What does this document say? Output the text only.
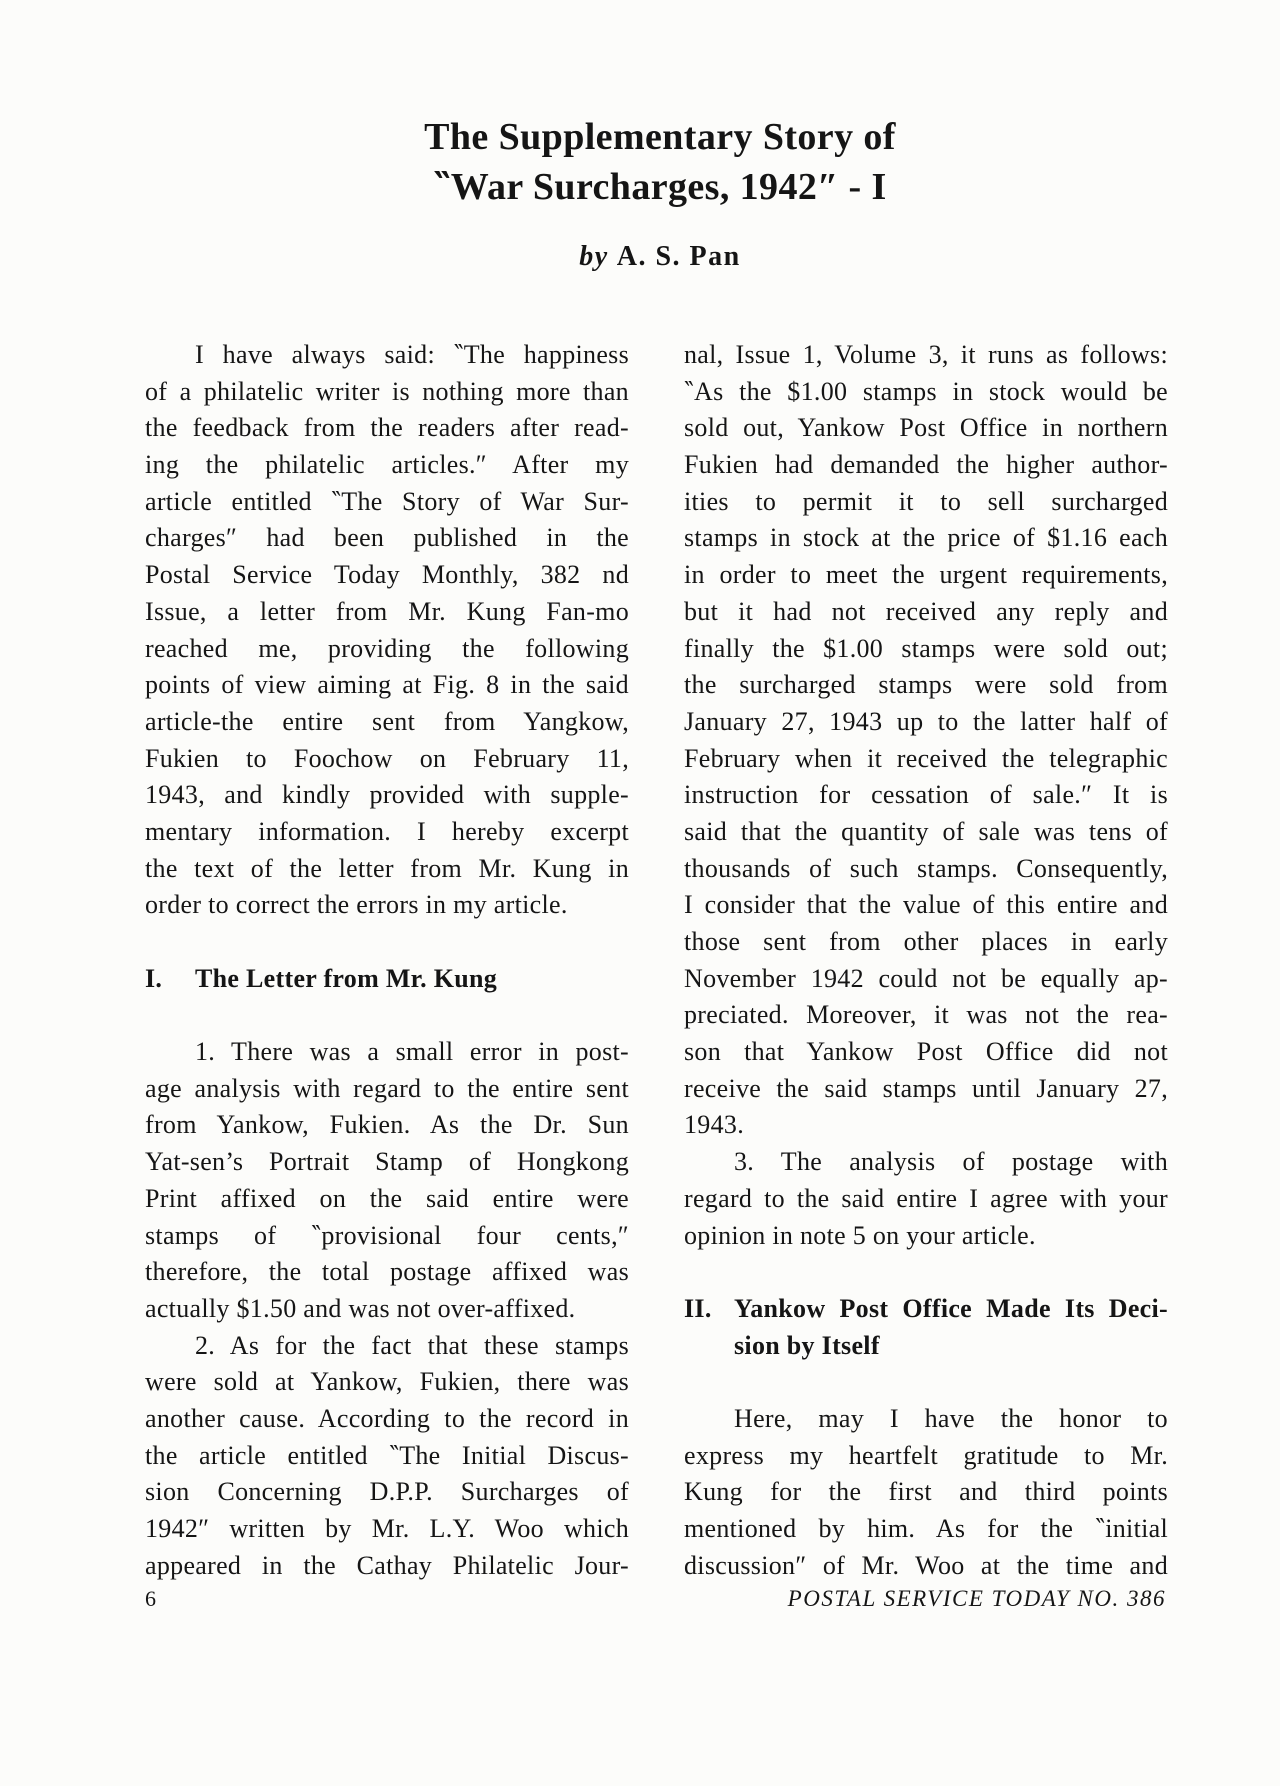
The Supplementary Story of
‶War Surcharges, 1942″ - I
by A. S. Pan
I have always said: ‶The happiness
of a philatelic writer is nothing more than
the feedback from the readers after read-
ing the philatelic articles.″ After my
article entitled ‶The Story of War Sur-
charges″ had been published in the
Postal Service Today Monthly, 382 nd
Issue, a letter from Mr. Kung Fan-mo
reached me, providing the following
points of view aiming at Fig. 8 in the said
article-the entire sent from Yangkow,
Fukien to Foochow on February 11,
1943, and kindly provided with supple-
mentary information. I hereby excerpt
the text of the letter from Mr. Kung in
order to correct the errors in my article.
I.	The Letter from Mr. Kung
1. There was a small error in post-
age analysis with regard to the entire sent
from Yankow, Fukien. As the Dr. Sun
Yat-sen’s Portrait Stamp of Hongkong
Print affixed on the said entire were
stamps of ‶provisional four cents,″
therefore, the total postage affixed was
actually $1.50 and was not over-affixed.
2. As for the fact that these stamps
were sold at Yankow, Fukien, there was
another cause. According to the record in
the article entitled ‶The Initial Discus-
sion Concerning D.P.P. Surcharges of
1942″ written by Mr. L.Y. Woo which
appeared in the Cathay Philatelic Jour-
nal, Issue 1, Volume 3, it runs as follows:
‶As the $1.00 stamps in stock would be
sold out, Yankow Post Office in northern
Fukien had demanded the higher author-
ities to permit it to sell surcharged
stamps in stock at the price of $1.16 each
in order to meet the urgent requirements,
but it had not received any reply and
finally the $1.00 stamps were sold out;
the surcharged stamps were sold from
January 27, 1943 up to the latter half of
February when it received the telegraphic
instruction for cessation of sale.″ It is
said that the quantity of sale was tens of
thousands of such stamps. Consequently,
I consider that the value of this entire and
those sent from other places in early
November 1942 could not be equally ap-
preciated. Moreover, it was not the rea-
son that Yankow Post Office did not
receive the said stamps until January 27,
1943.
3. The analysis of postage with
regard to the said entire I agree with your
opinion in note 5 on your article.
II. Yankow Post Office Made Its Deci-
sion by Itself
Here, may I have the honor to
express my heartfelt gratitude to Mr.
Kung for the first and third points
mentioned by him. As for the ‶initial
discussion″ of Mr. Woo at the time and
6	POSTAL SERVICE TODAY NO. 386
